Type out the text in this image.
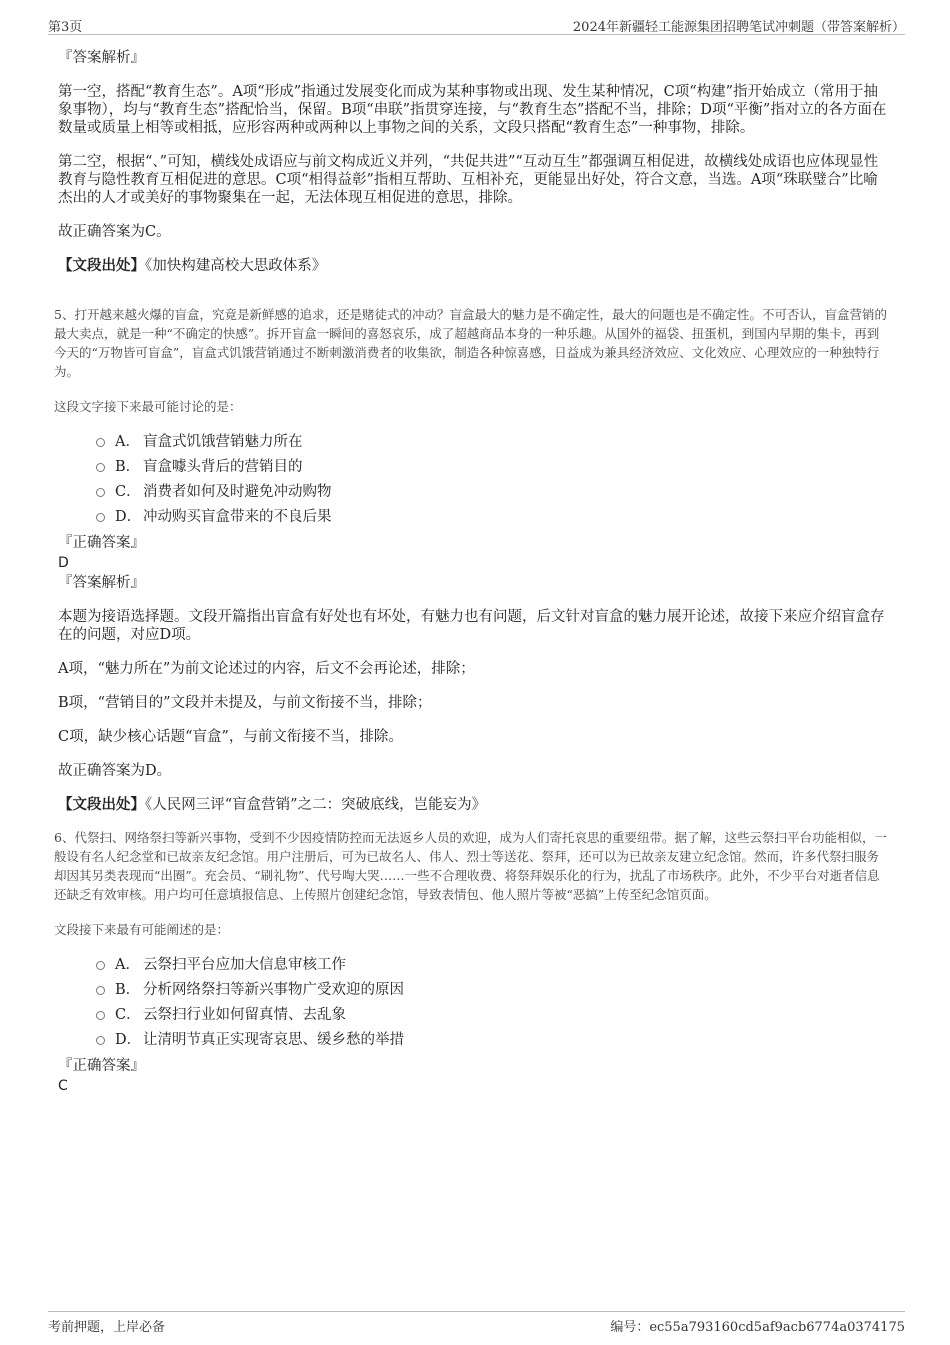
第3页	2024年新疆轻工能源集团招聘笔试冲刺题（带答案解析）

『答案解析』

第一空，搭配“教育生态”。A项“形成”指通过发展变化而成为某种事物或出现、发生某种情况，C项“构建”指开始成立（常用于抽象事物），均与“教育生态”搭配恰当，保留。B项“串联”指贯穿连接，与“教育生态”搭配不当，排除；D项“平衡”指对立的各方面在数量或质量上相等或相抵，应形容两种或两种以上事物之间的关系，文段只搭配“教育生态”一种事物，排除。

第二空，根据“、”可知，横线处成语应与前文构成近义并列，“共促共进”“互动互生”都强调互相促进，故横线处成语也应体现显性教育与隐性教育互相促进的意思。C项“相得益彰”指相互帮助、互相补充，更能显出好处，符合文意，当选。A项“珠联璧合”比喻杰出的人才或美好的事物聚集在一起，无法体现互相促进的意思，排除。

故正确答案为C。

【文段出处】《加快构建高校大思政体系》

5、打开越来越火爆的盲盒，究竟是新鲜感的追求，还是赌徒式的冲动？盲盒最大的魅力是不确定性，最大的问题也是不确定性。不可否认，盲盒营销的最大卖点，就是一种“不确定的快感”。拆开盲盒一瞬间的喜怒哀乐，成了超越商品本身的一种乐趣。从国外的福袋、扭蛋机，到国内早期的集卡，再到今天的“万物皆可盲盒”，盲盒式饥饿营销通过不断刺激消费者的收集欲，制造各种惊喜感，日益成为兼具经济效应、文化效应、心理效应的一种独特行为。

这段文字接下来最可能讨论的是：

A． 盲盒式饥饿营销魅力所在
B． 盲盒噱头背后的营销目的
C． 消费者如何及时避免冲动购物
D． 冲动购买盲盒带来的不良后果

『正确答案』

D

『答案解析』

本题为接语选择题。文段开篇指出盲盒有好处也有坏处，有魅力也有问题，后文针对盲盒的魅力展开论述，故接下来应介绍盲盒存在的问题，对应D项。

A项，“魅力所在”为前文论述过的内容，后文不会再论述，排除；

B项，“营销目的”文段并未提及，与前文衔接不当，排除；

C项，缺少核心话题“盲盒”，与前文衔接不当，排除。

故正确答案为D。

【文段出处】《人民网三评“盲盒营销”之二：突破底线，岂能妄为》

6、代祭扫、网络祭扫等新兴事物，受到不少因疫情防控而无法返乡人员的欢迎，成为人们寄托哀思的重要纽带。据了解，这些云祭扫平台功能相似，一般设有名人纪念堂和已故亲友纪念馆。用户注册后，可为已故名人、伟人、烈士等送花、祭拜，还可以为已故亲友建立纪念馆。然而，许多代祭扫服务却因其另类表现而“出圈”。充会员、“刷礼物”、代号啕大哭……一些不合理收费、将祭拜娱乐化的行为，扰乱了市场秩序。此外，不少平台对逝者信息还缺乏有效审核。用户均可任意填报信息、上传照片创建纪念馆，导致表情包、他人照片等被“恶搞”上传至纪念馆页面。

文段接下来最有可能阐述的是：

A． 云祭扫平台应加大信息审核工作
B． 分析网络祭扫等新兴事物广受欢迎的原因
C． 云祭扫行业如何留真情、去乱象
D． 让清明节真正实现寄哀思、缓乡愁的举措

『正确答案』

C

考前押题，上岸必备	编号：ec55a793160cd5af9acb6774a0374175
